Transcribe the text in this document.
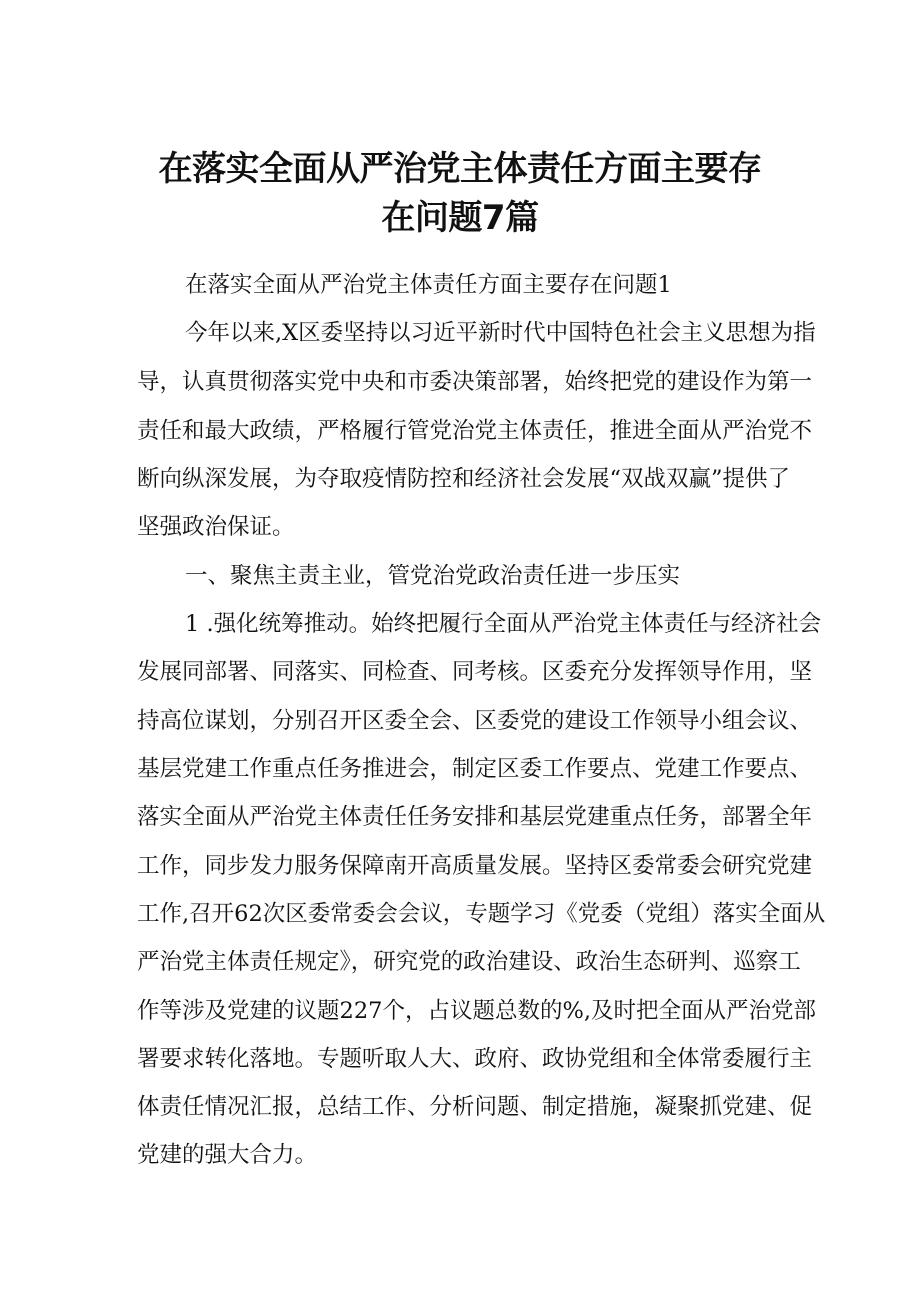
在落实全面从严治党主体责任方面主要存
在问题7篇
在落实全面从严治党主体责任方面主要存在问题1
今年以来,X区委坚持以习近平新时代中国特色社会主义思想为指
导，认真贯彻落实党中央和市委决策部署，始终把党的建设作为第一
责任和最大政绩，严格履行管党治党主体责任，推进全面从严治党不
断向纵深发展，为夺取疫情防控和经济社会发展“双战双赢”提供了
坚强政治保证。
一、聚焦主责主业，管党治党政治责任进一步压实
1 .强化统筹推动。始终把履行全面从严治党主体责任与经济社会
发展同部署、同落实、同检查、同考核。区委充分发挥领导作用，坚
持高位谋划，分别召开区委全会、区委党的建设工作领导小组会议、
基层党建工作重点任务推进会，制定区委工作要点、党建工作要点、
落实全面从严治党主体责任任务安排和基层党建重点任务，部署全年
工作，同步发力服务保障南开高质量发展。坚持区委常委会研究党建
工作,召开62次区委常委会会议，专题学习《党委（党组）落实全面从
严治党主体责任规定》，研究党的政治建设、政治生态研判、巡察工
作等涉及党建的议题227个，占议题总数的%,及时把全面从严治党部
署要求转化落地。专题听取人大、政府、政协党组和全体常委履行主
体责任情况汇报，总结工作、分析问题、制定措施，凝聚抓党建、促
党建的强大合力。
